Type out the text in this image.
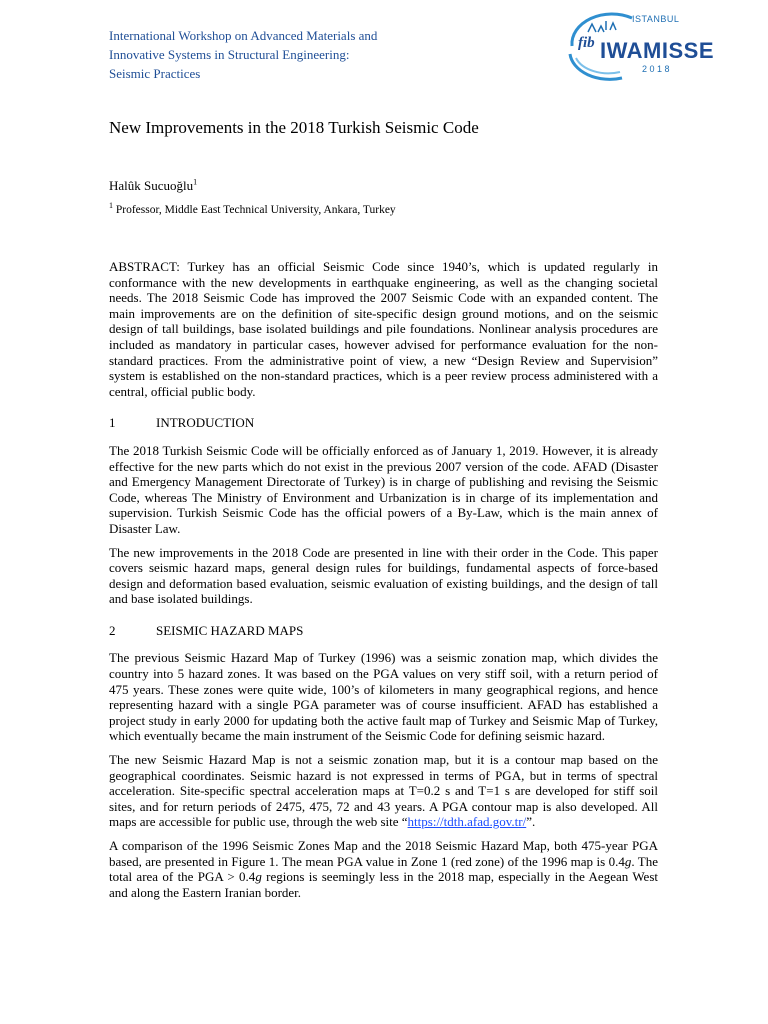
International Workshop on Advanced Materials and
Innovative Systems in Structural Engineering:
Seismic Practices
ISTANBUL
fib IWAMISSE
2018
New Improvements in the 2018 Turkish Seismic Code
Halûk Sucuoğlu$^1$
$^1$ Professor, Middle East Technical University, Ankara, Turkey

ABSTRACT: Turkey has an official Seismic Code since 1940’s, which is updated regularly in conformance with the new developments in earthquake engineering, as well as the changing societal needs. The 2018 Seismic Code has improved the 2007 Seismic Code with an expanded content. The main improvements are on the definition of site-specific design ground motions, and on the seismic design of tall buildings, base isolated buildings and pile foundations. Nonlinear analysis procedures are included as mandatory in particular cases, however advised for performance evaluation for the non-standard practices. From the administrative point of view, a new “Design Review and Supervision” system is established on the non-standard practices, which is a peer review process administered with a central, official public body.

1	INTRODUCTION

The 2018 Turkish Seismic Code will be officially enforced as of January 1, 2019. However, it is already effective for the new parts which do not exist in the previous 2007 version of the code. AFAD (Disaster and Emergency Management Directorate of Turkey) is in charge of publishing and revising the Seismic Code, whereas The Ministry of Environment and Urbanization is in charge of its implementation and supervision. Turkish Seismic Code has the official powers of a By-Law, which is the main annex of Disaster Law.

The new improvements in the 2018 Code are presented in line with their order in the Code. This paper covers seismic hazard maps, general design rules for buildings, fundamental aspects of force-based design and deformation based evaluation, seismic evaluation of existing buildings, and the design of tall and base isolated buildings.

2	SEISMIC HAZARD MAPS

The previous Seismic Hazard Map of Turkey (1996) was a seismic zonation map, which divides the country into 5 hazard zones. It was based on the PGA values on very stiff soil, with a return period of 475 years. These zones were quite wide, 100’s of kilometers in many geographical regions, and hence representing hazard with a single PGA parameter was of course insufficient. AFAD has established a project study in early 2000 for updating both the active fault map of Turkey and Seismic Map of Turkey, which eventually became the main instrument of the Seismic Code for defining seismic hazard.

The new Seismic Hazard Map is not a seismic zonation map, but it is a contour map based on the geographical coordinates. Seismic hazard is not expressed in terms of PGA, but in terms of spectral acceleration. Site-specific spectral acceleration maps at T=0.2 s and T=1 s are developed for stiff soil sites, and for return periods of 2475, 475, 72 and 43 years. A PGA contour map is also developed. All maps are accessible for public use, through the web site “https://tdth.afad.gov.tr/”.

A comparison of the 1996 Seismic Zones Map and the 2018 Seismic Hazard Map, both 475-year PGA based, are presented in Figure 1. The mean PGA value in Zone 1 (red zone) of the 1996 map is 0.4g. The total area of the PGA > 0.4g regions is seemingly less in the 2018 map, especially in the Aegean West and along the Eastern Iranian border.
